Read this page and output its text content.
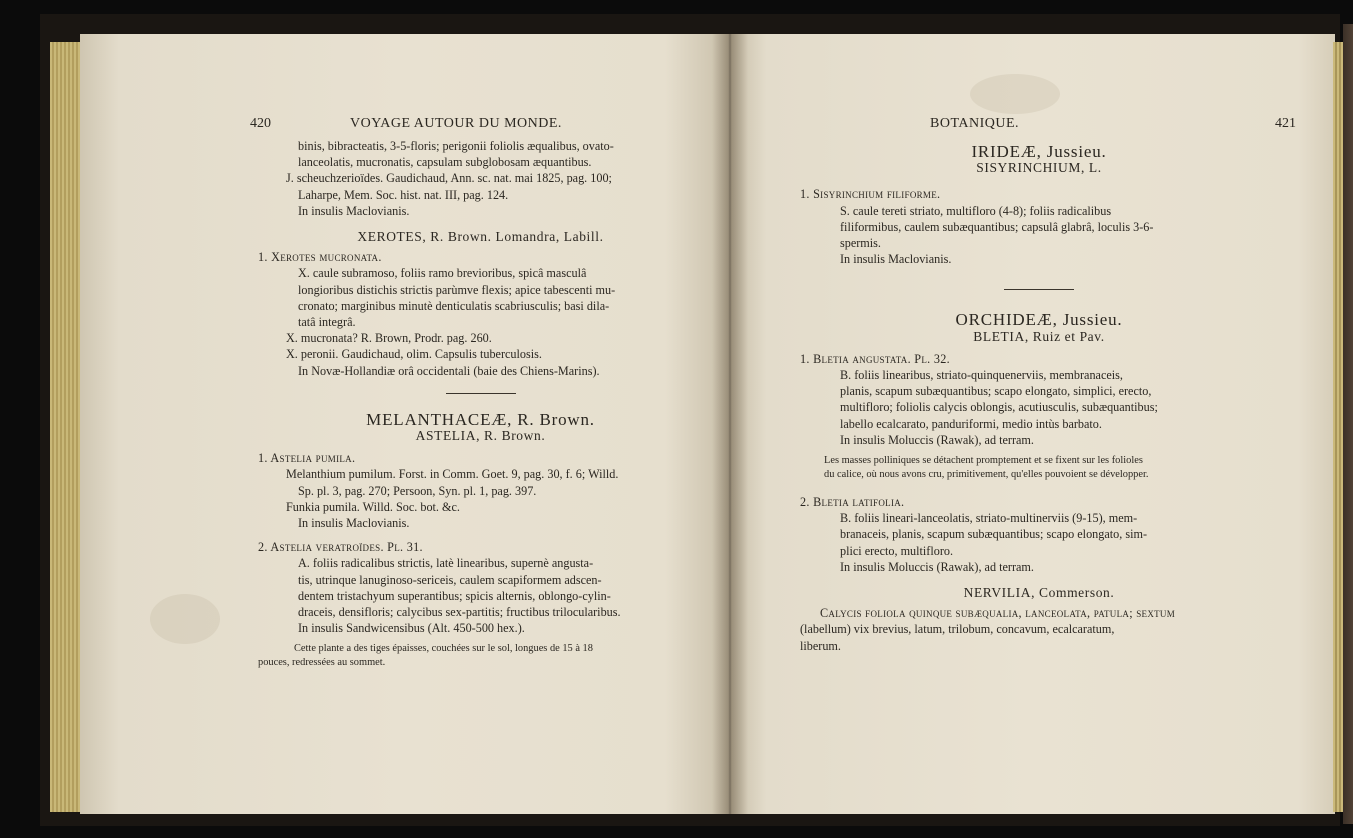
420	VOYAGE AUTOUR DU MONDE.

binis, bibracteatis, 3-5-floris; perigonii foliolis æqualibus, ovato-

lanceolatis, mucronatis, capsulam subglobosam æquantibus.

J. scheuchzerioïdes. Gaudichaud, Ann. sc. nat. mai 1825, pag. 100;

Laharpe, Mem. Soc. hist. nat. III, pag. 124.

In insulis Maclovianis.

XEROTES, R. Brown. Lomandra, Labill.

1. Xerotes mucronata.

X. caule subramoso, foliis ramo brevioribus, spicâ masculâ

longioribus distichis strictis parùmve flexis; apice tabescenti mu-

cronato; marginibus minutè denticulatis scabriusculis; basi dila-

tatâ integrâ.

X. mucronata? R. Brown, Prodr. pag. 260.

X. peronii. Gaudichaud, olim. Capsulis tuberculosis.

In Novæ-Hollandiæ orâ occidentali (baie des Chiens-Marins).

MELANTHACEÆ, R. Brown.

ASTELIA, R. Brown.

1. Astelia pumila.

Melanthium pumilum. Forst. in Comm. Goet. 9, pag. 30, f. 6; Willd.

Sp. pl. 3, pag. 270; Persoon, Syn. pl. 1, pag. 397.

Funkia pumila. Willd. Soc. bot. &c.

In insulis Maclovianis.

2. Astelia veratroïdes. Pl. 31.

A. foliis radicalibus strictis, latè linearibus, supernè angusta-

tis, utrinque lanuginoso-sericeis, caulem scapiformem adscen-

dentem tristachyum superantibus; spicis alternis, oblongo-cylin-

draceis, densifloris; calycibus sex-partitis; fructibus trilocularibus.

In insulis Sandwicensibus (Alt. 450-500 hex.).

Cette plante a des tiges épaisses, couchées sur le sol, longues de 15 à 18

pouces, redressées au sommet.

BOTANIQUE.	421

IRIDEÆ, Jussieu.

SISYRINCHIUM, L.

1. Sisyrinchium filiforme.

S. caule tereti striato, multifloro (4-8); foliis radicalibus

filiformibus, caulem subæquantibus; capsulâ glabrâ, loculis 3-6-

spermis.

In insulis Maclovianis.

ORCHIDEÆ, Jussieu.

BLETIA, Ruiz et Pav.

1. Bletia angustata. Pl. 32.

B. foliis linearibus, striato-quinquenerviis, membranaceis,

planis, scapum subæquantibus; scapo elongato, simplici, erecto,

multifloro; foliolis calycis oblongis, acutiusculis, subæquantibus;

labello ecalcarato, panduriformi, medio intùs barbato.

In insulis Moluccis (Rawak), ad terram.

Les masses polliniques se détachent promptement et se fixent sur les folioles

du calice, où nous avons cru, primitivement, qu'elles pouvoient se développer.

2. Bletia latifolia.

B. foliis lineari-lanceolatis, striato-multinerviis (9-15), mem-

branaceis, planis, scapum subæquantibus; scapo elongato, sim-

plici erecto, multifloro.

In insulis Moluccis (Rawak), ad terram.

NERVILIA, Commerson.

Calycis foliola quinque subæqualia, lanceolata, patula; sextum

(labellum) vix brevius, latum, trilobum, concavum, ecalcaratum,

liberum.
